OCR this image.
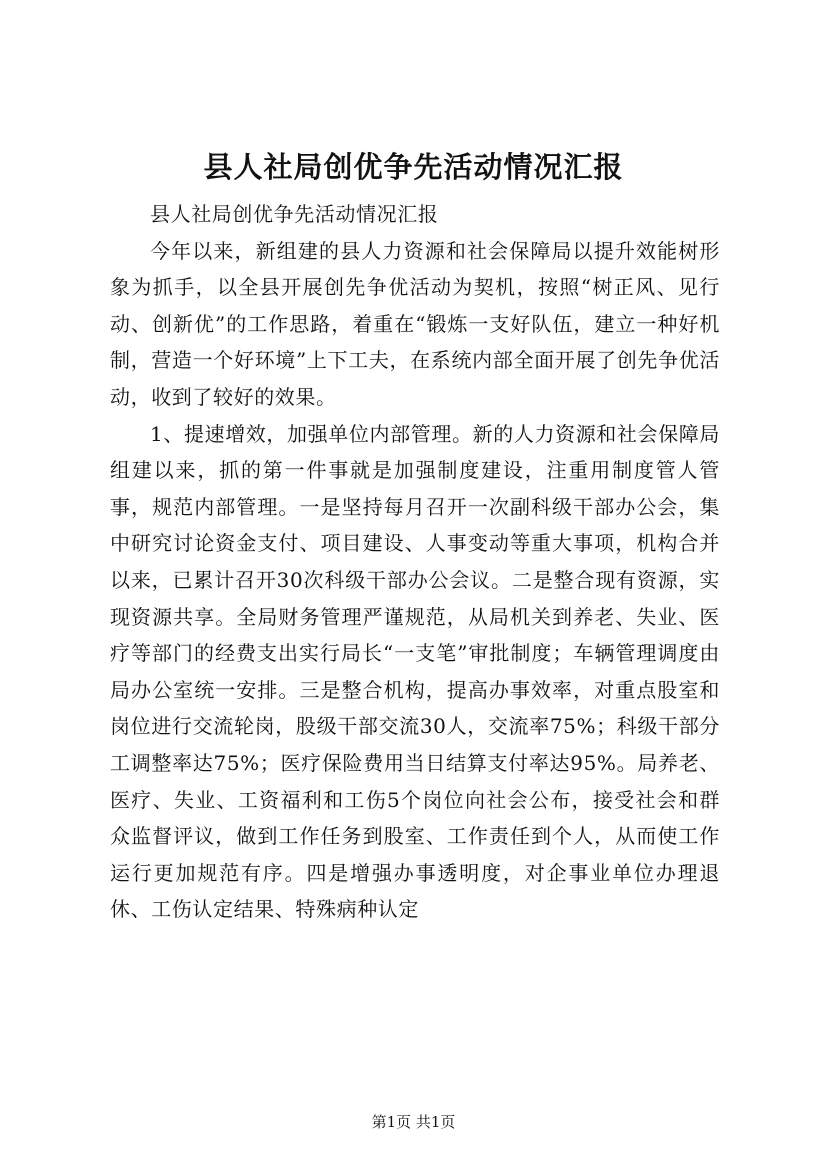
县人社局创优争先活动情况汇报

县人社局创优争先活动情况汇报

今年以来，新组建的县人力资源和社会保障局以提升效能树形象为抓手，以全县开展创先争优活动为契机，按照“树正风、见行动、创新优”的工作思路，着重在“锻炼一支好队伍，建立一种好机制，营造一个好环境”上下工夫，在系统内部全面开展了创先争优活动，收到了较好的效果。

1、提速增效，加强单位内部管理。新的人力资源和社会保障局组建以来，抓的第一件事就是加强制度建设，注重用制度管人管事，规范内部管理。一是坚持每月召开一次副科级干部办公会，集中研究讨论资金支付、项目建设、人事变动等重大事项，机构合并以来，已累计召开30次科级干部办公会议。二是整合现有资源，实现资源共享。全局财务管理严谨规范，从局机关到养老、失业、医疗等部门的经费支出实行局长“一支笔”审批制度；车辆管理调度由局办公室统一安排。三是整合机构，提高办事效率，对重点股室和岗位进行交流轮岗，股级干部交流30人，交流率75%；科级干部分工调整率达75%；医疗保险费用当日结算支付率达95%。局养老、医疗、失业、工资福利和工伤5个岗位向社会公布，接受社会和群众监督评议，做到工作任务到股室、工作责任到个人，从而使工作运行更加规范有序。四是增强办事透明度，对企事业单位办理退休、工伤认定结果、特殊病种认定

第1页 共1页
